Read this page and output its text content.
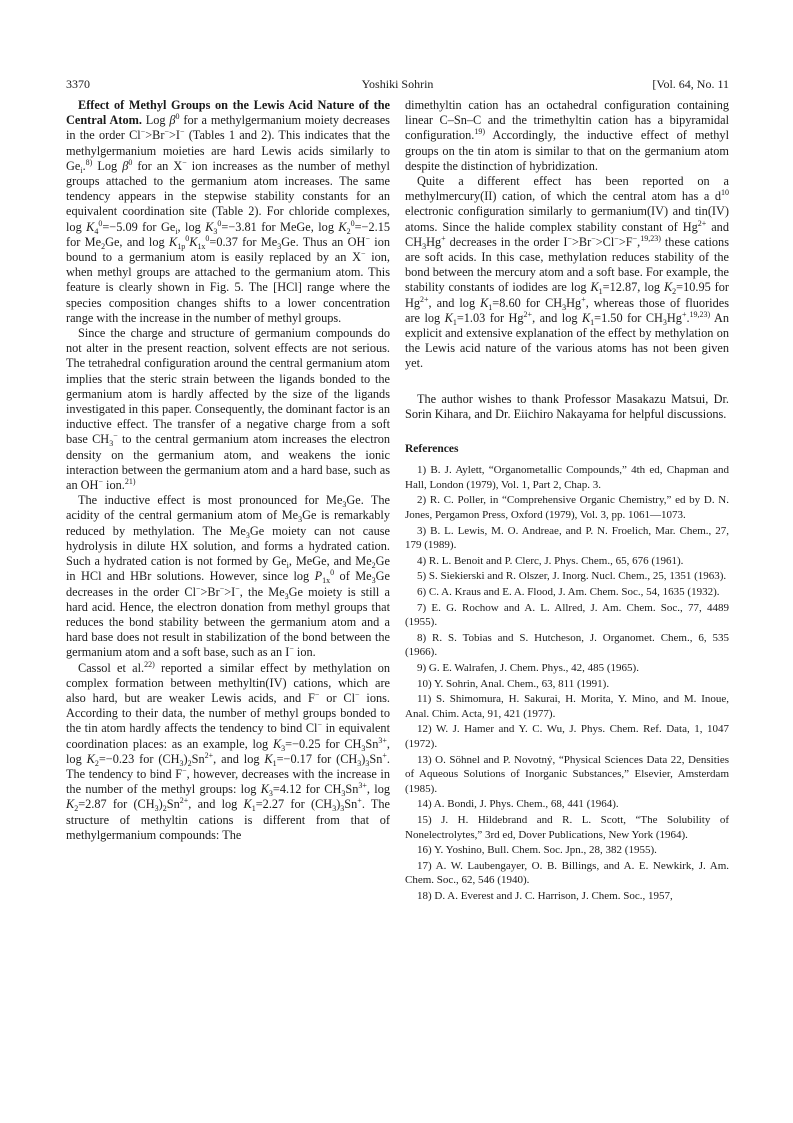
3370	Yoshiki Sohrin	[Vol. 64, No. 11

Effect of Methyl Groups on the Lewis Acid Nature of the Central Atom. Log $\beta^0$ for a methylgermanium moiety decreases in the order Cl−>Br−>I− (Tables 1 and 2). This indicates that the methylgermanium moieties are hard Lewis acids similarly to $Ge_i.^{8)}$ Log $\beta^0$ for an X− ion increases as the number of methyl groups attached to the germanium atom increases. The same tendency appears in the stepwise stability constants for an equivalent coordination site (Table 2). For chloride complexes, $\log K_4^0=-5.09$ for $Ge_i$, $\log K_3^0=-3.81$ for MeGe, $\log K_2^0=-2.15$ for $Me_2Ge$, and $\log K_{1p}^0K_{1x}^0=0.37$ for $Me_3Ge$. Thus an OH− ion bound to a germanium atom is easily replaced by an X− ion, when methyl groups are attached to the germanium atom. This feature is clearly shown in Fig. 5. The [HCl] range where the species composition changes shifts to a lower concentration range with the increase in the number of methyl groups.

Since the charge and structure of germanium compounds do not alter in the present reaction, solvent effects are not serious. The tetrahedral configuration around the central germanium atom implies that the steric strain between the ligands bonded to the germanium atom is hardly affected by the size of the ligands investigated in this paper. Consequently, the dominant factor is an inductive effect. The transfer of a negative charge from a soft base $CH_3^-$ to the central germanium atom increases the electron density on the germanium atom, and weakens the ionic interaction between the germanium atom and a hard base, such as an OH− ion.$^{21)}$

The inductive effect is most pronounced for $Me_3Ge$. The acidity of the central germanium atom of $Me_3Ge$ is remarkably reduced by methylation. The $Me_3Ge$ moiety can not cause hydrolysis in dilute HX solution, and forms a hydrated cation. Such a hydrated cation is not formed by $Ge_i$, MeGe, and $Me_2Ge$ in HCl and HBr solutions. However, since $\log P_{1x}^0$ of $Me_3Ge$ decreases in the order Cl−>Br−>I−, the $Me_3Ge$ moiety is still a hard acid. Hence, the electron donation from methyl groups that reduces the bond stability between the germanium atom and a hard base does not result in stabilization of the bond between the germanium atom and a soft base, such as an I− ion.

Cassol et al.$^{22)}$ reported a similar effect by methylation on complex formation between methyltin(IV) cations, which are also hard, but are weaker Lewis acids, and F− or Cl− ions. According to their data, the number of methyl groups bonded to the tin atom hardly affects the tendency to bind Cl− in equivalent coordination places: as an example, $\log K_3=-0.25$ for $CH_3Sn^{3+}$, $\log K_2=-0.23$ for $(CH_3)_2Sn^{2+}$, and $\log K_1=-0.17$ for $(CH_3)_3Sn^+$. The tendency to bind F−, however, decreases with the increase in the number of the methyl groups: $\log K_3=4.12$ for $CH_3Sn^{3+}$, $\log K_2=2.87$ for $(CH_3)_2Sn^{2+}$, and $\log K_1=2.27$ for $(CH_3)_3Sn^+$. The structure of methyltin cations is different from that of methylgermanium compounds: The

dimethyltin cation has an octahedral configuration containing linear C–Sn–C and the trimethyltin cation has a bipyramidal configuration.$^{19)}$ Accordingly, the inductive effect of methyl groups on the tin atom is similar to that on the germanium atom despite the distinction of hybridization.

Quite a different effect has been reported on a methylmercury(II) cation, of which the central atom has a $d^{10}$ electronic configuration similarly to germanium(IV) and tin(IV) atoms. Since the halide complex stability constant of $Hg^{2+}$ and $CH_3Hg^+$ decreases in the order I−>Br−>Cl−>F−,$^{19,23)}$ these cations are soft acids. In this case, methylation reduces stability of the bond between the mercury atom and a soft base. For example, the stability constants of iodides are $\log K_1=12.87$, $\log K_2=10.95$ for $Hg^{2+}$, and $\log K_1=8.60$ for $CH_3Hg^+$, whereas those of fluorides are $\log K_1=1.03$ for $Hg^{2+}$, and $\log K_1=1.50$ for $CH_3Hg^+.^{19,23)}$ An explicit and extensive explanation of the effect by methylation on the Lewis acid nature of the various atoms has not been given yet.

The author wishes to thank Professor Masakazu Matsui, Dr. Sorin Kihara, and Dr. Eiichiro Nakayama for helpful discussions.

References
1) B. J. Aylett, “Organometallic Compounds,” 4th ed, Chapman and Hall, London (1979), Vol. 1, Part 2, Chap. 3.
2) R. C. Poller, in “Comprehensive Organic Chemistry,” ed by D. N. Jones, Pergamon Press, Oxford (1979), Vol. 3, pp. 1061—1073.
3) B. L. Lewis, M. O. Andreae, and P. N. Froelich, Mar. Chem., 27, 179 (1989).
4) R. L. Benoit and P. Clerc, J. Phys. Chem., 65, 676 (1961).
5) S. Siekierski and R. Olszer, J. Inorg. Nucl. Chem., 25, 1351 (1963).
6) C. A. Kraus and E. A. Flood, J. Am. Chem. Soc., 54, 1635 (1932).
7) E. G. Rochow and A. L. Allred, J. Am. Chem. Soc., 77, 4489 (1955).
8) R. S. Tobias and S. Hutcheson, J. Organomet. Chem., 6, 535 (1966).
9) G. E. Walrafen, J. Chem. Phys., 42, 485 (1965).
10) Y. Sohrin, Anal. Chem., 63, 811 (1991).
11) S. Shimomura, H. Sakurai, H. Morita, Y. Mino, and M. Inoue, Anal. Chim. Acta, 91, 421 (1977).
12) W. J. Hamer and Y. C. Wu, J. Phys. Chem. Ref. Data, 1, 1047 (1972).
13) O. Söhnel and P. Novotný, “Physical Sciences Data 22, Densities of Aqueous Solutions of Inorganic Substances,” Elsevier, Amsterdam (1985).
14) A. Bondi, J. Phys. Chem., 68, 441 (1964).
15) J. H. Hildebrand and R. L. Scott, “The Solubility of Nonelectrolytes,” 3rd ed, Dover Publications, New York (1964).
16) Y. Yoshino, Bull. Chem. Soc. Jpn., 28, 382 (1955).
17) A. W. Laubengayer, O. B. Billings, and A. E. Newkirk, J. Am. Chem. Soc., 62, 546 (1940).
18) D. A. Everest and J. C. Harrison, J. Chem. Soc., 1957,
